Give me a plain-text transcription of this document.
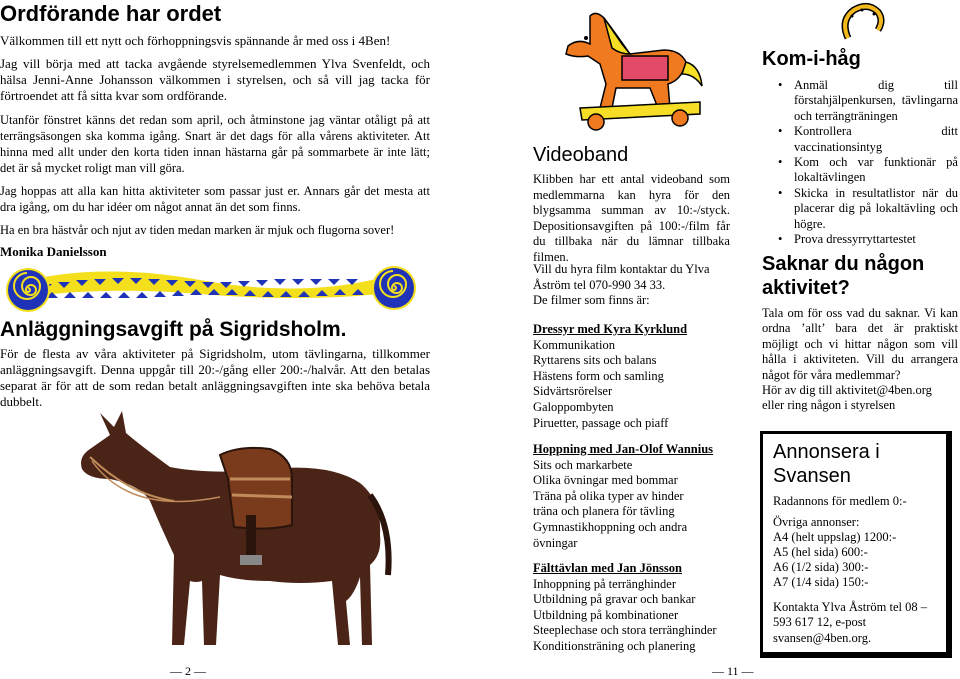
Ordförande har ordet

Välkommen till ett nytt och förhoppningsvis spännande år med oss i 4Ben!

Jag vill börja med att tacka avgående styrelsemedlemmen Ylva Svenfeldt, och hälsa Jenni-Anne Johansson välkommen i styrelsen, och så vill jag tacka för förtroendet att få sitta kvar som ordförande.

Utanför fönstret känns det redan som april, och åtminstone jag väntar otåligt på att terrängsäsongen ska komma igång. Snart är det dags för alla vårens aktiviteter. Att hinna med allt under den korta tiden innan hästarna går på sommarbete är inte lätt; det är så mycket roligt man vill göra.

Jag hoppas att alla kan hitta aktiviteter som passar just er. Annars går det mesta att dra igång, om du har idéer om något annat än det som finns.

Ha en bra hästvår och njut av tiden medan marken är mjuk och flugorna sover!

Monika Danielsson

Anläggningsavgift på Sigridsholm.

För de flesta av våra aktiviteter på Sigridsholm, utom tävlingarna, tillkommer anläggningsavgift. Denna uppgår till 20:-/gång eller 200:-/halvår. Att den betalas separat är för att de som redan betalt anläggningsavgiften inte ska behöva betala dubbelt.

— 2 —
Videoband

Klibben har ett antal videoband som medlemmarna kan hyra för den blygsamma summan av 10:-/styck. Depositionsavgiften på 100:-/film får du tillbaka när du lämnar tillbaka filmen.

Vill du hyra film kontaktar du Ylva Åström tel 070-990 34 33.

De filmer som finns är:

Dressyr med Kyra Kyrklund
Kommunikation
Ryttarens sits och balans
Hästens form och samling
Sidvärtsrörelser
Galoppombyten
Piruetter, passage och piaff
Hoppning med Jan-Olof Wannius
Sits och markarbete
Olika övningar med bommar
Träna på olika typer av hinder
träna och planera för tävling
Gymnastikhoppning och andra
övningar
Fälttävlan med Jan Jönsson
Inhoppning på terränghinder
Utbildning på gravar och bankar
Utbildning på kombinationer
Steeplechase och stora terränghinder
Konditionsträning och planering
— 11 —
Kom-i-håg
• Anmäl dig till förstahjälpenkursen, tävlingarna och terrängträningen
• Kontrollera ditt vaccinationsintyg
• Kom och var funktionär på lokaltävlingen
• Skicka in resultatlistor när du placerar dig på lokaltävling och högre.
• Prova dressyrryttartestet
Saknar du någon aktivitet?

Tala om för oss vad du saknar. Vi kan ordna ’allt’ bara det är praktiskt möjligt och vi hittar någon som vill hålla i aktiviteten. Vill du arrangera något för våra medlemmar?

Hör av dig till aktivitet@4ben.org

eller ring någon i styrelsen

Annonsera i Svansen

Radannons för medlem 0:-

Övriga annonser:

A4 (helt uppslag) 1200:-

A5 (hel sida) 600:-

A6 (1/2 sida) 300:-

A7 (1/4 sida) 150:-

Kontakta Ylva Åström tel 08 – 593 617 12, e-post svansen@4ben.org.
